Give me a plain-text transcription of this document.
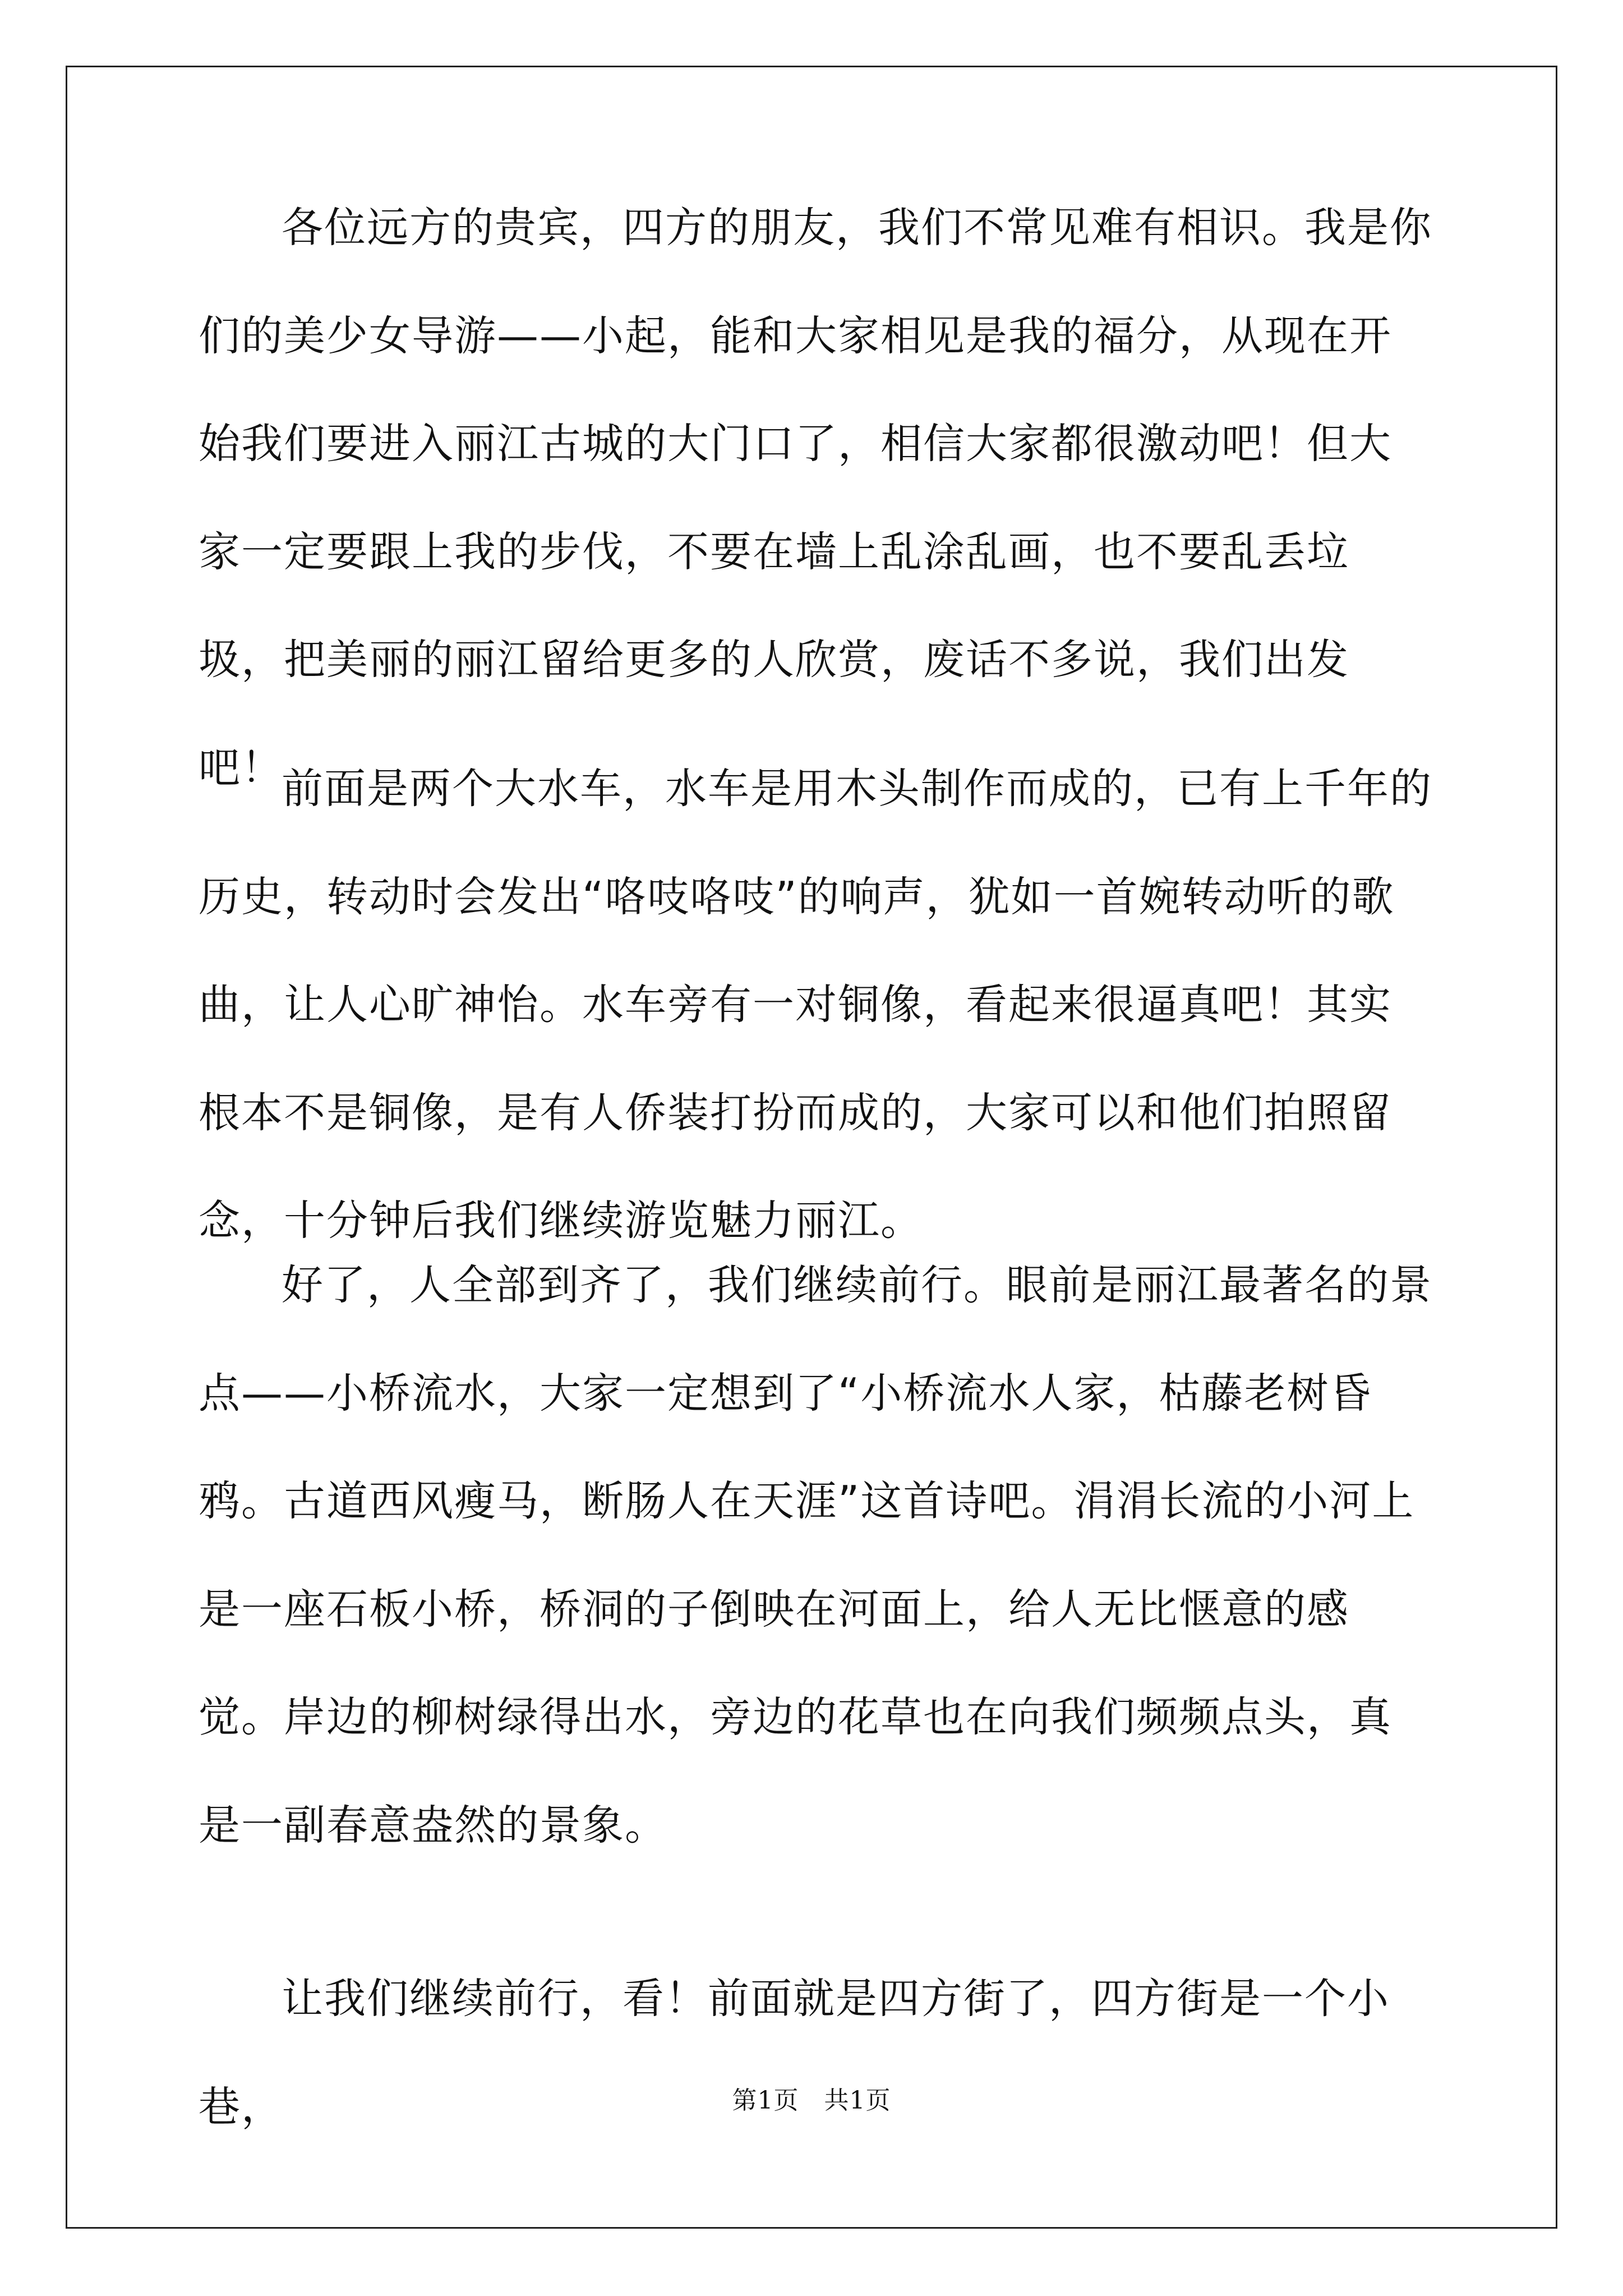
各位远方的贵宾，四方的朋友，我们不常见难有相识。我是你们的美少女导游——小起，能和大家相见是我的福分，从现在开始我们要进入丽江古城的大门口了，相信大家都很激动吧！但大家一定要跟上我的步伐，不要在墙上乱涂乱画，也不要乱丢垃圾，把美丽的丽江留给更多的人欣赏，废话不多说，我们出发吧！

前面是两个大水车，水车是用木头制作而成的，已有上千年的历史，转动时会发出“咯吱咯吱”的响声，犹如一首婉转动听的歌曲，让人心旷神怡。水车旁有一对铜像，看起来很逼真吧！其实根本不是铜像，是有人侨装打扮而成的，大家可以和他们拍照留念，十分钟后我们继续游览魅力丽江。

好了，人全部到齐了，我们继续前行。眼前是丽江最著名的景点——小桥流水，大家一定想到了“小桥流水人家，枯藤老树昏鸦。古道西风瘦马，断肠人在天涯”这首诗吧。涓涓长流的小河上是一座石板小桥，桥洞的子倒映在河面上，给人无比惬意的感觉。岸边的柳树绿得出水，旁边的花草也在向我们频频点头，真是一副春意盎然的景象。

让我们继续前行，看！前面就是四方街了，四方街是一个小巷，	第1页 共1页
